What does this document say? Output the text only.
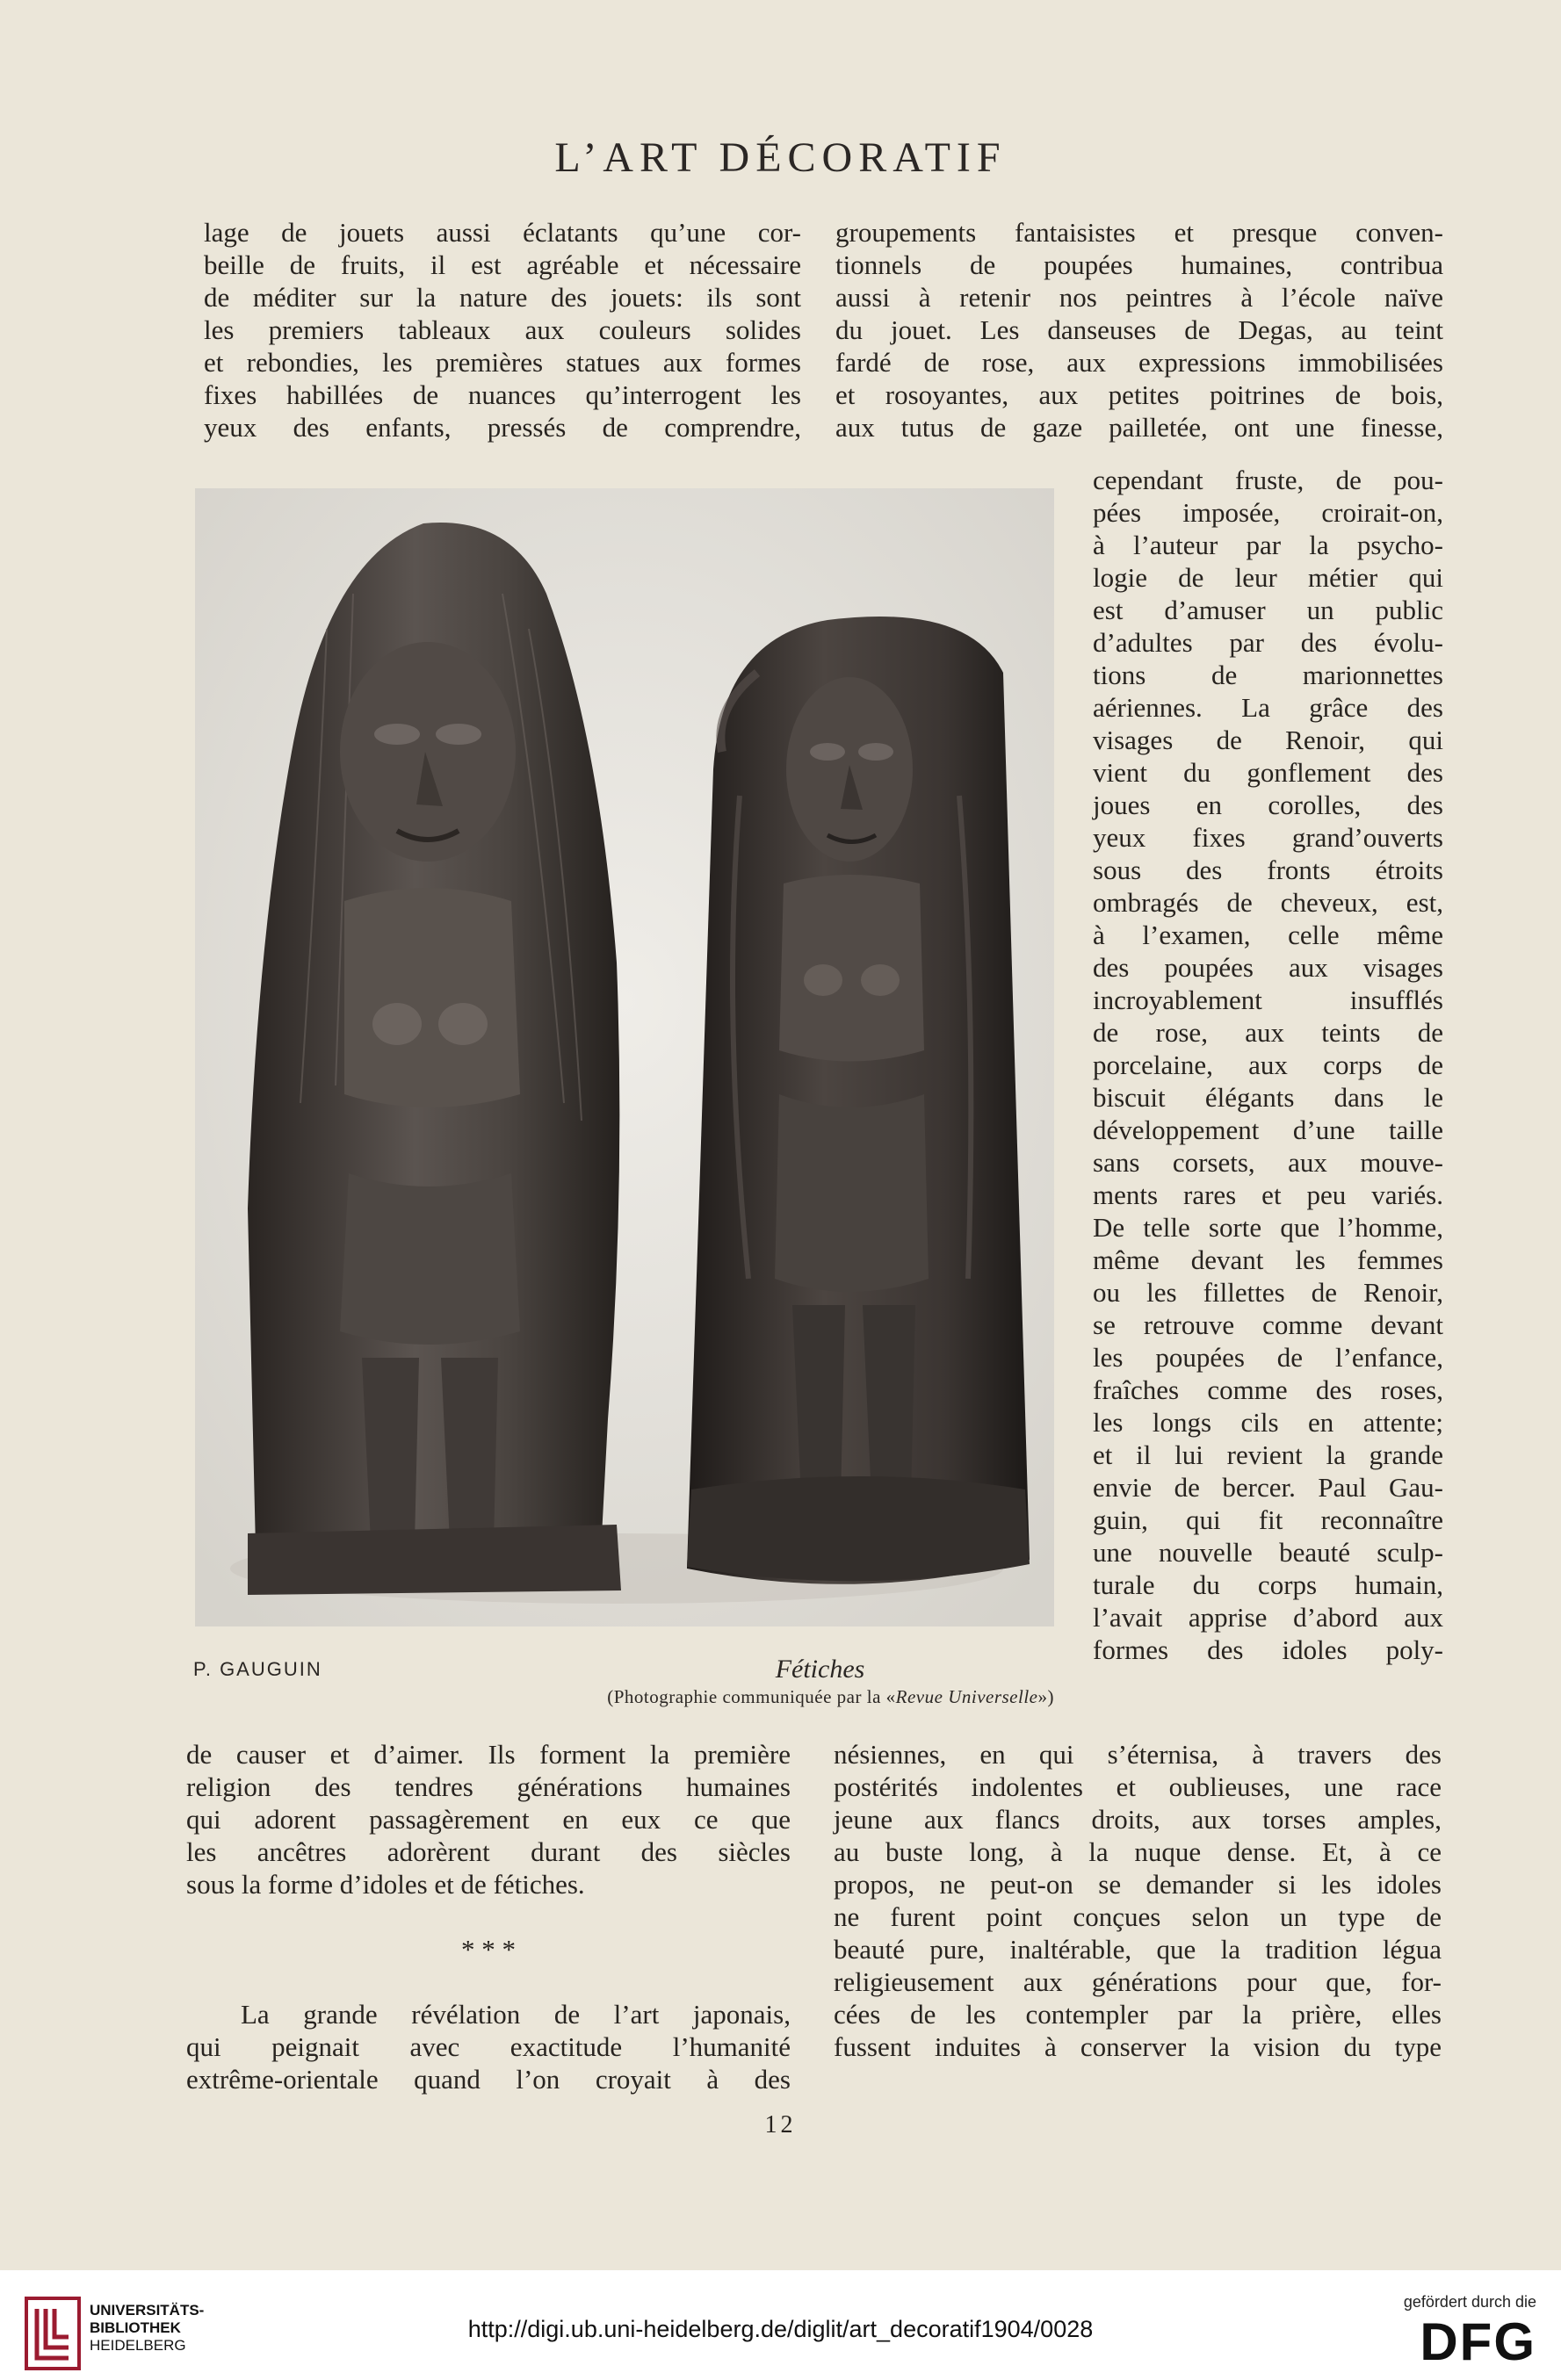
L’ART DÉCORATIF
lage de jouets aussi éclatants qu’une cor-
beille de fruits, il est agréable et nécessaire
de méditer sur la nature des jouets: ils sont
les premiers tableaux aux couleurs solides
et rebondies, les premières statues aux formes
fixes habillées de nuances qu’interrogent les
yeux des enfants, pressés de comprendre,
groupements fantaisistes et presque conven-
tionnels de poupées humaines, contribua
aussi à retenir nos peintres à l’école naïve
du jouet. Les danseuses de Degas, au teint
fardé de rose, aux expressions immobilisées
et rosoyantes, aux petites poitrines de bois,
aux tutus de gaze pailletée, ont une finesse,
cependant fruste, de pou-
pées imposée, croirait-on,
à l’auteur par la psycho-
logie de leur métier qui
est d’amuser un public
d’adultes par des évolu-
tions de marionnettes
aériennes. La grâce des
visages de Renoir, qui
vient du gonflement des
joues en corolles, des
yeux fixes grand’ouverts
sous des fronts étroits
ombragés de cheveux, est,
à l’examen, celle même
des poupées aux visages
incroyablement insufflés
de rose, aux teints de
porcelaine, aux corps de
biscuit élégants dans le
développement d’une taille
sans corsets, aux mouve-
ments rares et peu variés.
De telle sorte que l’homme,
même devant les femmes
ou les fillettes de Renoir,
se retrouve comme devant
les poupées de l’enfance,
fraîches comme des roses,
les longs cils en attente;
et il lui revient la grande
envie de bercer. Paul Gau-
guin, qui fit reconnaître
une nouvelle beauté sculp-
turale du corps humain,
l’avait apprise d’abord aux
formes des idoles poly-
P. GAUGUIN	Fétiches
(Photographie communiquée par la «Revue Universelle»)
de causer et d’aimer. Ils forment la première
religion des tendres générations humaines
qui adorent passagèrement en eux ce que
les ancêtres adorèrent durant des siècles
sous la forme d’idoles et de fétiches.
* * *
La grande révélation de l’art japonais,
qui peignait avec exactitude l’humanité
extrême-orientale quand l’on croyait à des
nésiennes, en qui s’éternisa, à travers des
postérités indolentes et oublieuses, une race
jeune aux flancs droits, aux torses amples,
au buste long, à la nuque dense. Et, à ce
propos, ne peut-on se demander si les idoles
ne furent point conçues selon un type de
beauté pure, inaltérable, que la tradition légua
religieusement aux générations pour que, for-
cées de les contempler par la prière, elles
fussent induites à conserver la vision du type
12
UNIVERSITÄTS-
BIBLIOTHEK
HEIDELBERG
http://digi.ub.uni-heidelberg.de/diglit/art_decoratif1904/0028
gefördert durch die
DFG
